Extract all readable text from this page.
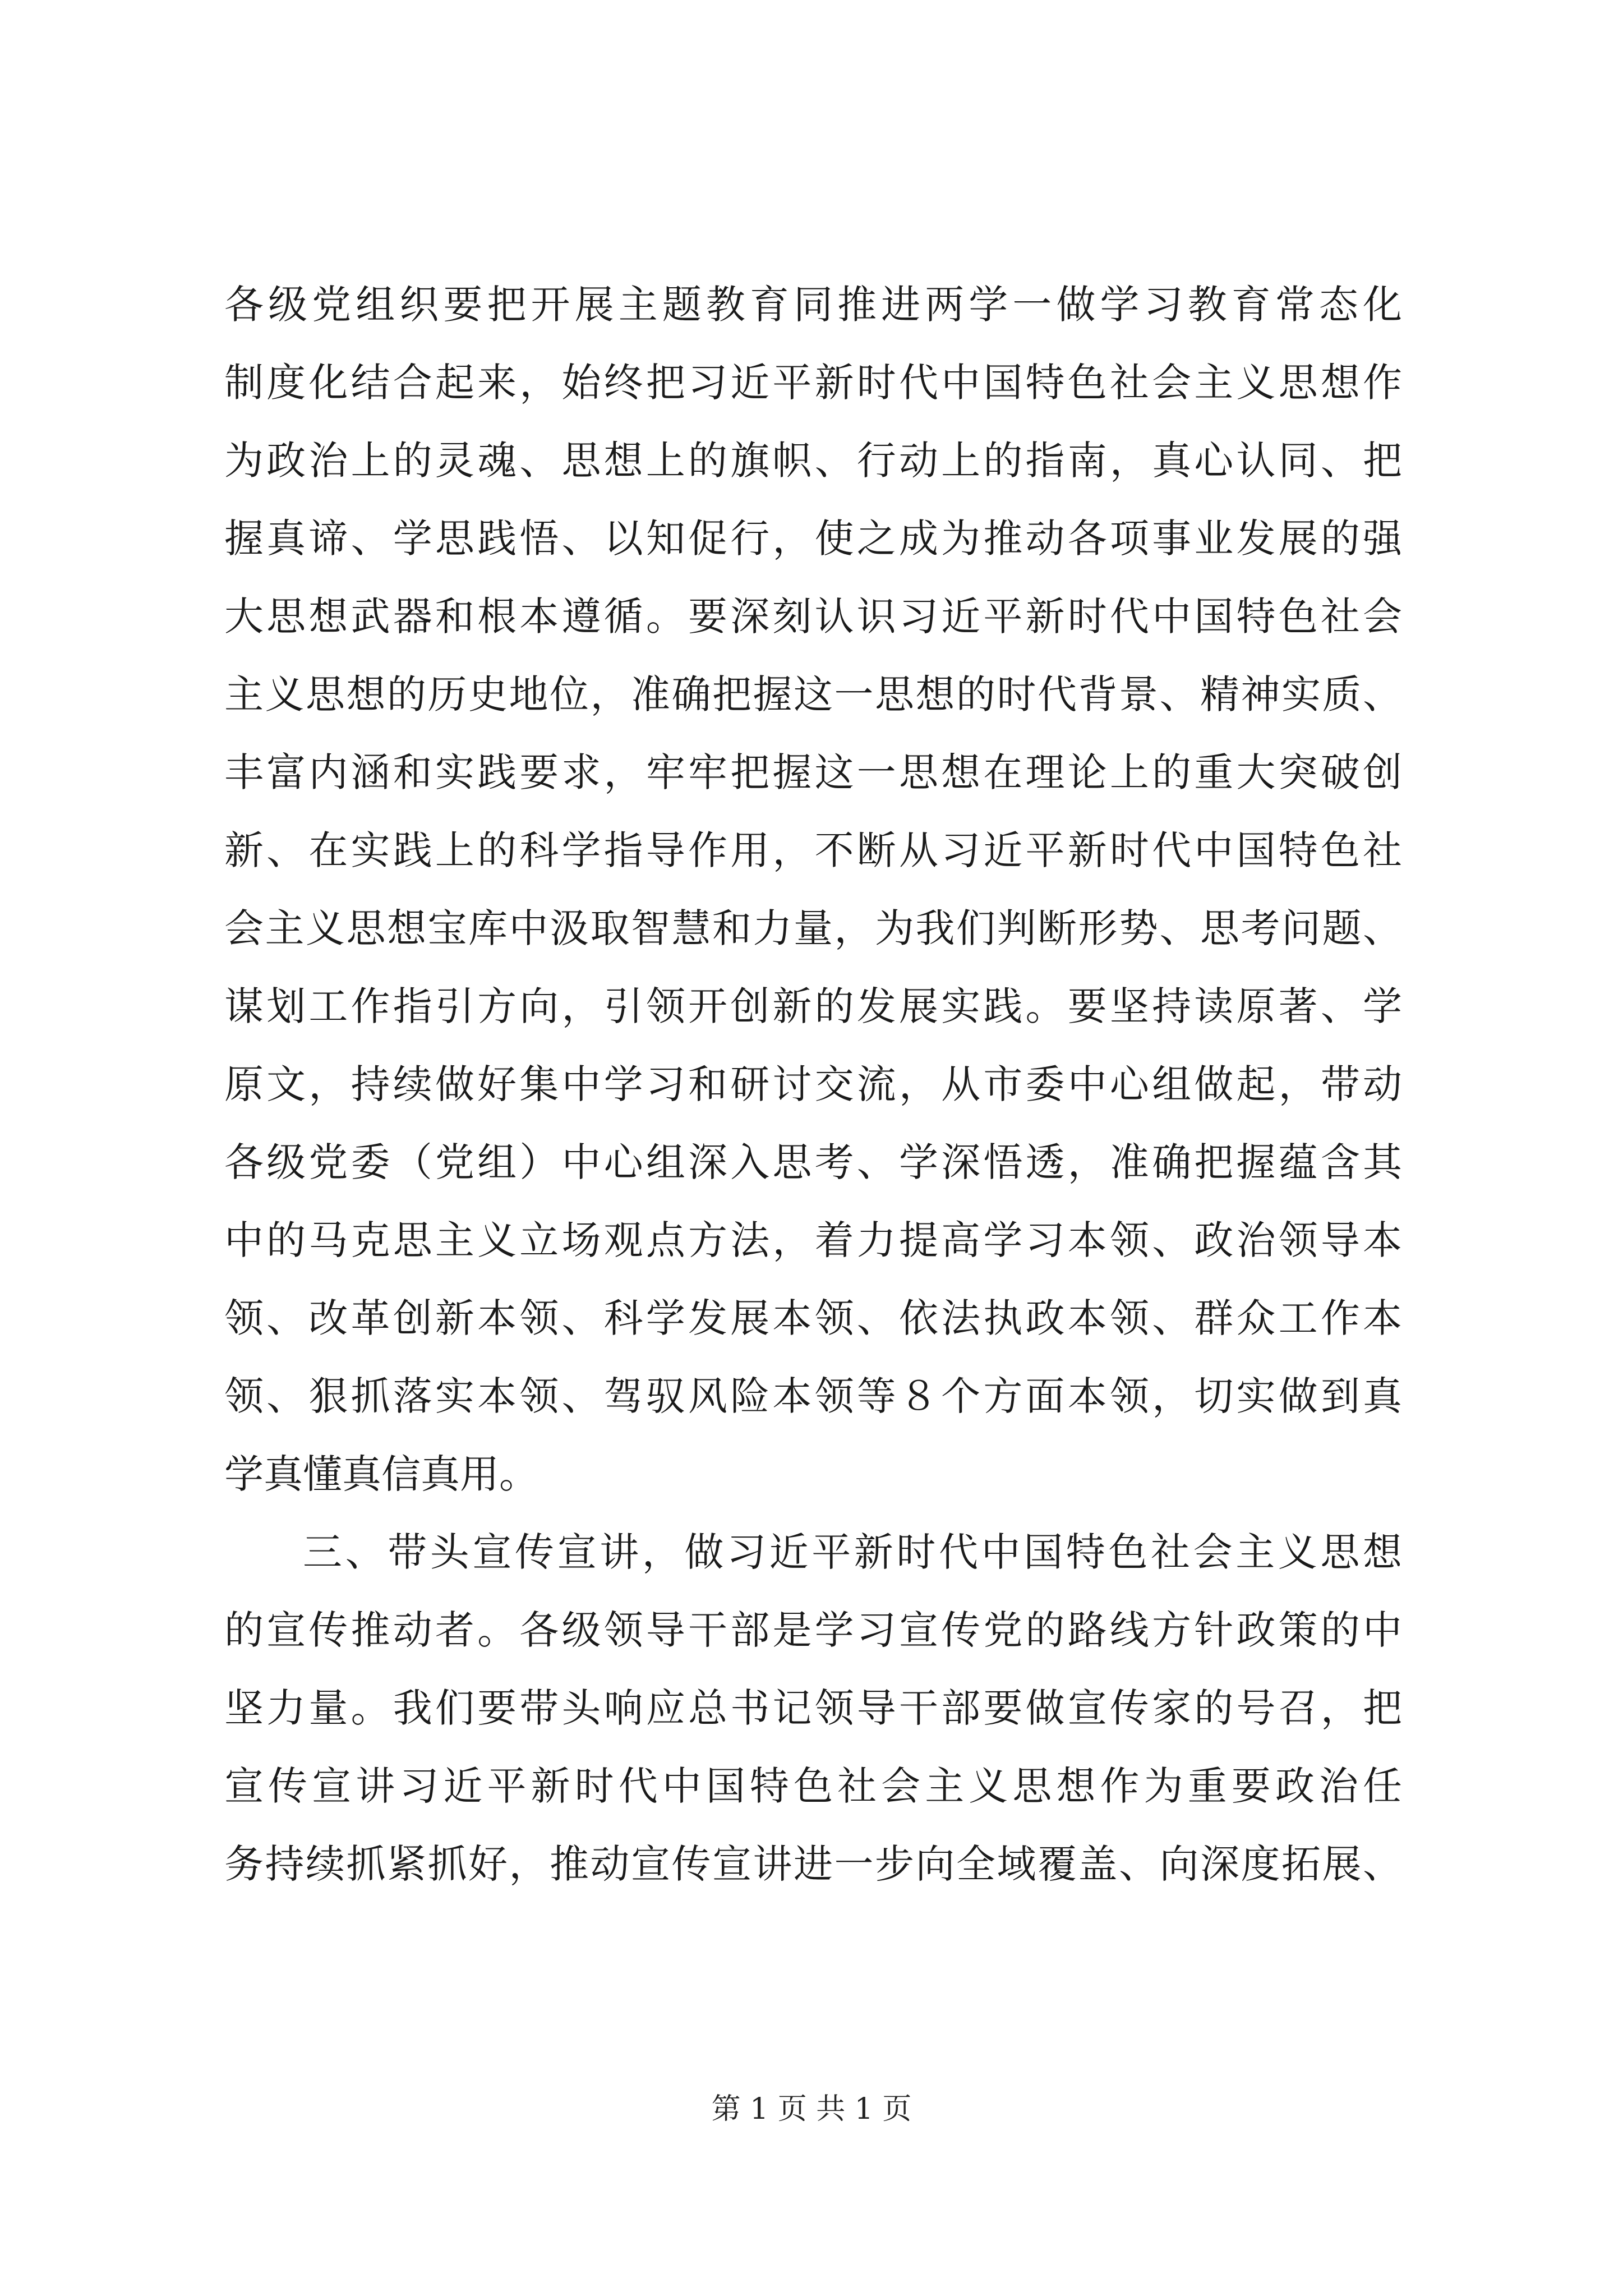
各级党组织要把开展主题教育同推进两学一做学习教育常态化
制度化结合起来，始终把习近平新时代中国特色社会主义思想作
为政治上的灵魂、思想上的旗帜、行动上的指南，真心认同、把
握真谛、学思践悟、以知促行，使之成为推动各项事业发展的强
大思想武器和根本遵循。要深刻认识习近平新时代中国特色社会
主义思想的历史地位，准确把握这一思想的时代背景、精神实质、
丰富内涵和实践要求，牢牢把握这一思想在理论上的重大突破创
新、在实践上的科学指导作用，不断从习近平新时代中国特色社
会主义思想宝库中汲取智慧和力量，为我们判断形势、思考问题、
谋划工作指引方向，引领开创新的发展实践。要坚持读原著、学
原文，持续做好集中学习和研讨交流，从市委中心组做起，带动
各级党委（党组）中心组深入思考、学深悟透，准确把握蕴含其
中的马克思主义立场观点方法，着力提高学习本领、政治领导本
领、改革创新本领、科学发展本领、依法执政本领、群众工作本
领、狠抓落实本领、驾驭风险本领等８个方面本领，切实做到真
学真懂真信真用。
三、带头宣传宣讲，做习近平新时代中国特色社会主义思想
的宣传推动者。各级领导干部是学习宣传党的路线方针政策的中
坚力量。我们要带头响应总书记领导干部要做宣传家的号召，把
宣传宣讲习近平新时代中国特色社会主义思想作为重要政治任
务持续抓紧抓好，推动宣传宣讲进一步向全域覆盖、向深度拓展、
第 1 页 共 1 页
